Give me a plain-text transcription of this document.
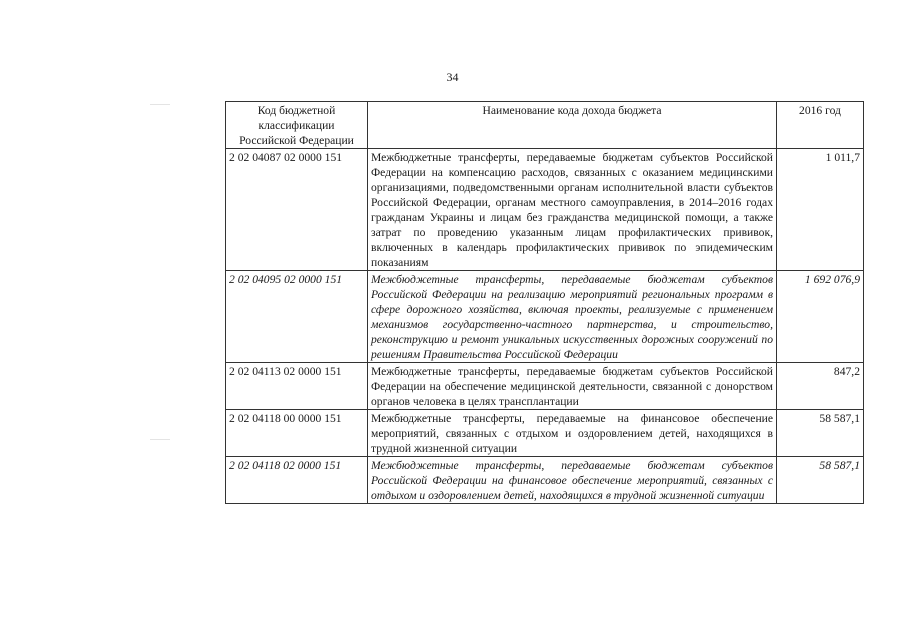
34
Код бюджетной классификации Российской Федерации	Наименование кода дохода бюджета	2016 год
2 02 04087 02 0000 151	Межбюджетные трансферты, передаваемые бюджетам субъектов Российской Федерации на компенсацию расходов, связанных с оказанием медицинскими организациями, подведомственными органам исполнительной власти субъектов Российской Федерации, органам местного самоуправления, в 2014–2016 годах гражданам Украины и лицам без гражданства медицинской помощи, а также затрат по проведению указанным лицам профилактических прививок, включенных в календарь профилактических прививок по эпидемическим показаниям	1 011,7
2 02 04095 02 0000 151	Межбюджетные трансферты, передаваемые бюджетам субъектов Российской Федерации на реализацию мероприятий региональных программ в сфере дорожного хозяйства, включая проекты, реализуемые с применением механизмов государственно-частного партнерства, и строительство, реконструкцию и ремонт уникальных искусственных дорожных сооружений по решениям Правительства Российской Федерации	1 692 076,9
2 02 04113 02 0000 151	Межбюджетные трансферты, передаваемые бюджетам субъектов Российской Федерации на обеспечение медицинской деятельности, связанной с донорством органов человека в целях трансплантации	847,2
2 02 04118 00 0000 151	Межбюджетные трансферты, передаваемые на финансовое обеспечение мероприятий, связанных с отдыхом и оздоровлением детей, находящихся в трудной жизненной ситуации	58 587,1
2 02 04118 02 0000 151	Межбюджетные трансферты, передаваемые бюджетам субъектов Российской Федерации на финансовое обеспечение мероприятий, связанных с отдыхом и оздоровлением детей, находящихся в трудной жизненной ситуации	58 587,1
